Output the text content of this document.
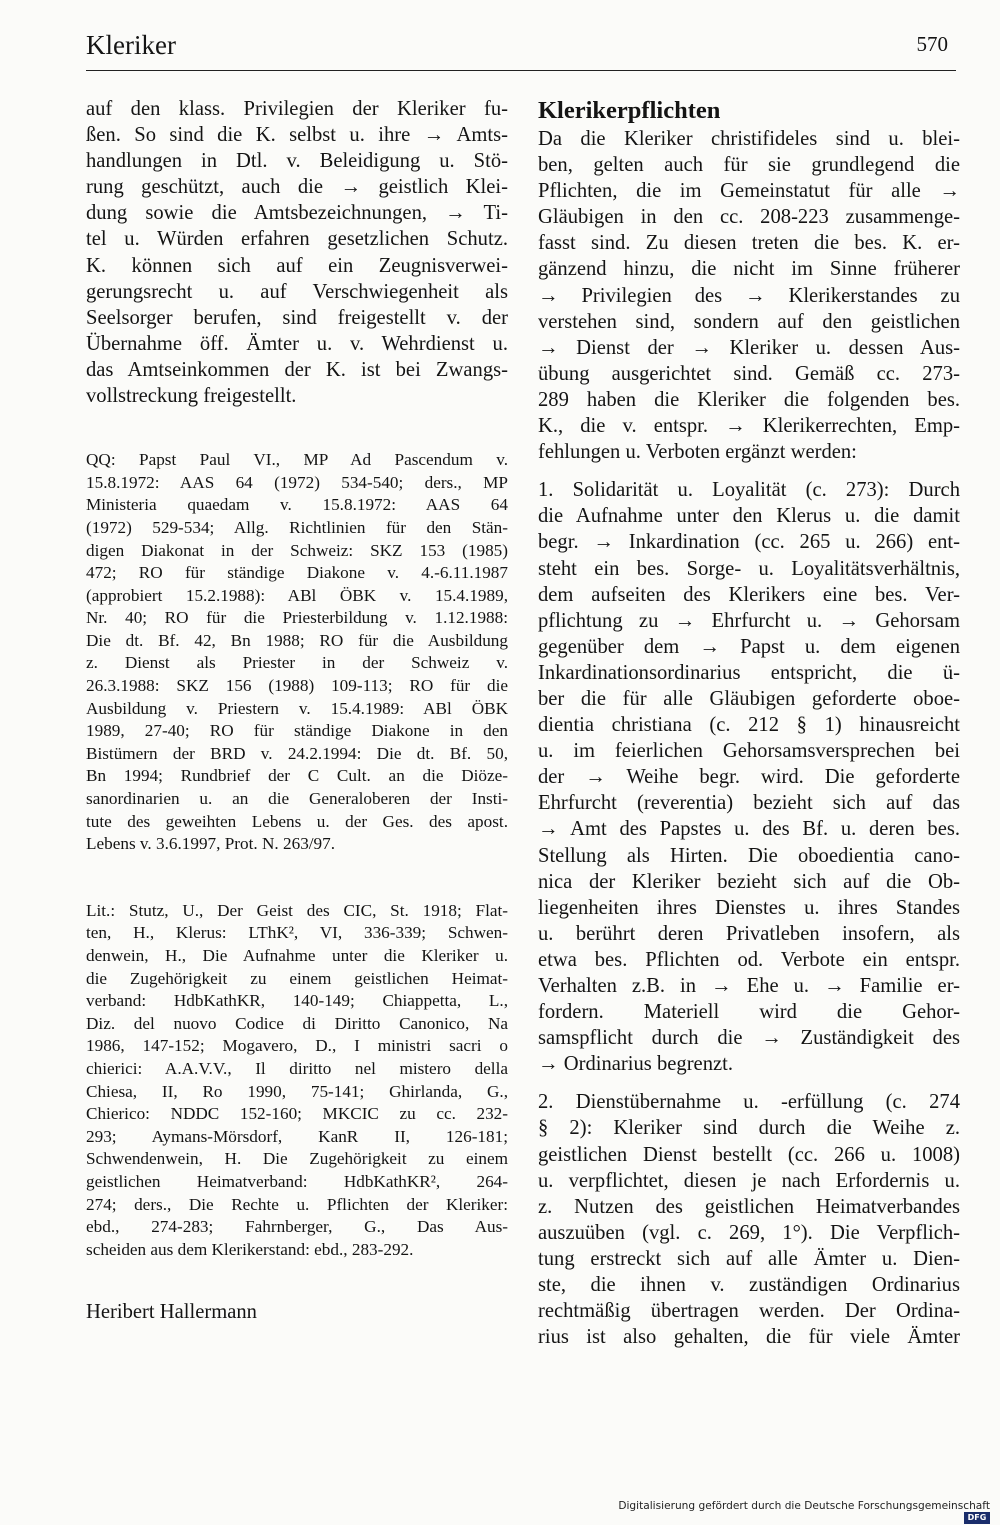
Kleriker	570

auf den klass. Privilegien der Kleriker fu-
ßen. So sind die K. selbst u. ihre → Amts-
handlungen in Dtl. v. Beleidigung u. Stö-
rung geschützt, auch die → geistlich Klei-
dung sowie die Amtsbezeichnungen, → Ti-
tel u. Würden erfahren gesetzlichen Schutz.
K. können sich auf ein Zeugnisverwei-
gerungsrecht u. auf Verschwiegenheit als
Seelsorger berufen, sind freigestellt v. der
Übernahme öff. Ämter u. v. Wehrdienst u.
das Amtseinkommen der K. ist bei Zwangs-
vollstreckung freigestellt.

QQ: Papst Paul VI., MP Ad Pascendum v.
15.8.1972: AAS 64 (1972) 534-540; ders., MP
Ministeria quaedam v. 15.8.1972: AAS 64
(1972) 529-534; Allg. Richtlinien für den Stän-
digen Diakonat in der Schweiz: SKZ 153 (1985)
472; RO für ständige Diakone v. 4.-6.11.1987
(approbiert 15.2.1988): ABl ÖBK v. 15.4.1989,
Nr. 40; RO für die Priesterbildung v. 1.12.1988:
Die dt. Bf. 42, Bn 1988; RO für die Ausbildung
z. Dienst als Priester in der Schweiz v.
26.3.1988: SKZ 156 (1988) 109-113; RO für die
Ausbildung v. Priestern v. 15.4.1989: ABl ÖBK
1989, 27-40; RO für ständige Diakone in den
Bistümern der BRD v. 24.2.1994: Die dt. Bf. 50,
Bn 1994; Rundbrief der C Cult. an die Diöze-
sanordinarien u. an die Generaloberen der Insti-
tute des geweihten Lebens u. der Ges. des apost.
Lebens v. 3.6.1997, Prot. N. 263/97.

Lit.: Stutz, U., Der Geist des CIC, St. 1918; Flat-
ten, H., Klerus: LThK², VI, 336-339; Schwen-
denwein, H., Die Aufnahme unter die Kleriker u.
die Zugehörigkeit zu einem geistlichen Heimat-
verband: HdbKathKR, 140-149; Chiappetta, L.,
Diz. del nuovo Codice di Diritto Canonico, Na
1986, 147-152; Mogavero, D., I ministri sacri o
chierici: A.A.V.V., Il diritto nel mistero della
Chiesa, II, Ro 1990, 75-141; Ghirlanda, G.,
Chierico: NDDC 152-160; MKCIC zu cc. 232-
293; Aymans-Mörsdorf, KanR II, 126-181;
Schwendenwein, H. Die Zugehörigkeit zu einem
geistlichen Heimatverband: HdbKathKR², 264-
274; ders., Die Rechte u. Pflichten der Kleriker:
ebd., 274-283; Fahrnberger, G., Das Aus-
scheiden aus dem Klerikerstand: ebd., 283-292.

Heribert Hallermann

Klerikerpflichten

Da die Kleriker christifideles sind u. blei-
ben, gelten auch für sie grundlegend die
Pflichten, die im Gemeinstatut für alle →
Gläubigen in den cc. 208-223 zusammenge-
fasst sind. Zu diesen treten die bes. K. er-
gänzend hinzu, die nicht im Sinne früherer
→ Privilegien des → Klerikerstandes zu
verstehen sind, sondern auf den geistlichen
→ Dienst der → Kleriker u. dessen Aus-
übung ausgerichtet sind. Gemäß cc. 273-
289 haben die Kleriker die folgenden bes.
K., die v. entspr. → Klerikerrechten, Emp-
fehlungen u. Verboten ergänzt werden:

1. Solidarität u. Loyalität (c. 273): Durch
die Aufnahme unter den Klerus u. die damit
begr. → Inkardination (cc. 265 u. 266) ent-
steht ein bes. Sorge- u. Loyalitätsverhältnis,
dem aufseiten des Klerikers eine bes. Ver-
pflichtung zu → Ehrfurcht u. → Gehorsam
gegenüber dem → Papst u. dem eigenen
Inkardinationsordinarius entspricht, die ü-
ber die für alle Gläubigen geforderte oboe-
dientia christiana (c. 212 § 1) hinausreicht
u. im feierlichen Gehorsamsversprechen bei
der → Weihe begr. wird. Die geforderte
Ehrfurcht (reverentia) bezieht sich auf das
→ Amt des Papstes u. des Bf. u. deren bes.
Stellung als Hirten. Die oboedientia cano-
nica der Kleriker bezieht sich auf die Ob-
liegenheiten ihres Dienstes u. ihres Standes
u. berührt deren Privatleben insofern, als
etwa bes. Pflichten od. Verbote ein entspr.
Verhalten z.B. in → Ehe u. → Familie er-
fordern. Materiell wird die Gehor-
samspflicht durch die → Zuständigkeit des
→ Ordinarius begrenzt.

2. Dienstübernahme u. -erfüllung (c. 274
§ 2): Kleriker sind durch die Weihe z.
geistlichen Dienst bestellt (cc. 266 u. 1008)
u. verpflichtet, diesen je nach Erfordernis u.
z. Nutzen des geistlichen Heimatverbandes
auszuüben (vgl. c. 269, 1°). Die Verpflich-
tung erstreckt sich auf alle Ämter u. Dien-
ste, die ihnen v. zuständigen Ordinarius
rechtmäßig übertragen werden. Der Ordina-
rius ist also gehalten, die für viele Ämter

Digitalisierung gefördert durch die Deutsche Forschungsgemeinschaft DFG
